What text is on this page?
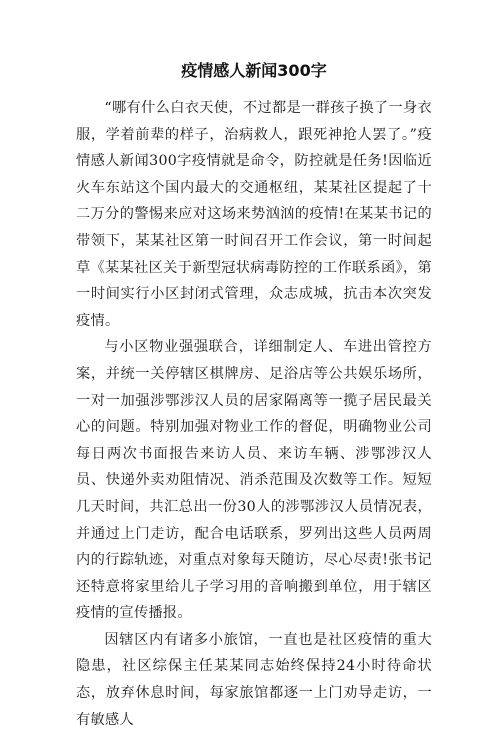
疫情感人新闻300字

“哪有什么白衣天使，不过都是一群孩子换了一身衣服，学着前辈的样子，治病救人，跟死神抢人罢了。”疫情感人新闻300字疫情就是命令，防控就是任务!因临近火车东站这个国内最大的交通枢纽，某某社区提起了十二万分的警惕来应对这场来势汹汹的疫情!在某某书记的带领下，某某社区第一时间召开工作会议，第一时间起草《某某社区关于新型冠状病毒防控的工作联系函》，第一时间实行小区封闭式管理，众志成城，抗击本次突发疫情。

与小区物业强强联合，详细制定人、车进出管控方案，并统一关停辖区棋牌房、足浴店等公共娱乐场所，一对一加强涉鄂涉汉人员的居家隔离等一揽子居民最关心的问题。特别加强对物业工作的督促，明确物业公司每日两次书面报告来访人员、来访车辆、涉鄂涉汉人员、快递外卖劝阻情况、消杀范围及次数等工作。短短几天时间，共汇总出一份30人的涉鄂涉汉人员情况表，并通过上门走访，配合电话联系，罗列出这些人员两周内的行踪轨迹，对重点对象每天随访，尽心尽责!张书记还特意将家里给儿子学习用的音响搬到单位，用于辖区疫情的宣传播报。

因辖区内有诸多小旅馆，一直也是社区疫情的重大隐患，社区综保主任某某同志始终保持24小时待命状态，放弃休息时间，每家旅馆都逐一上门劝导走访，一有敏感人
